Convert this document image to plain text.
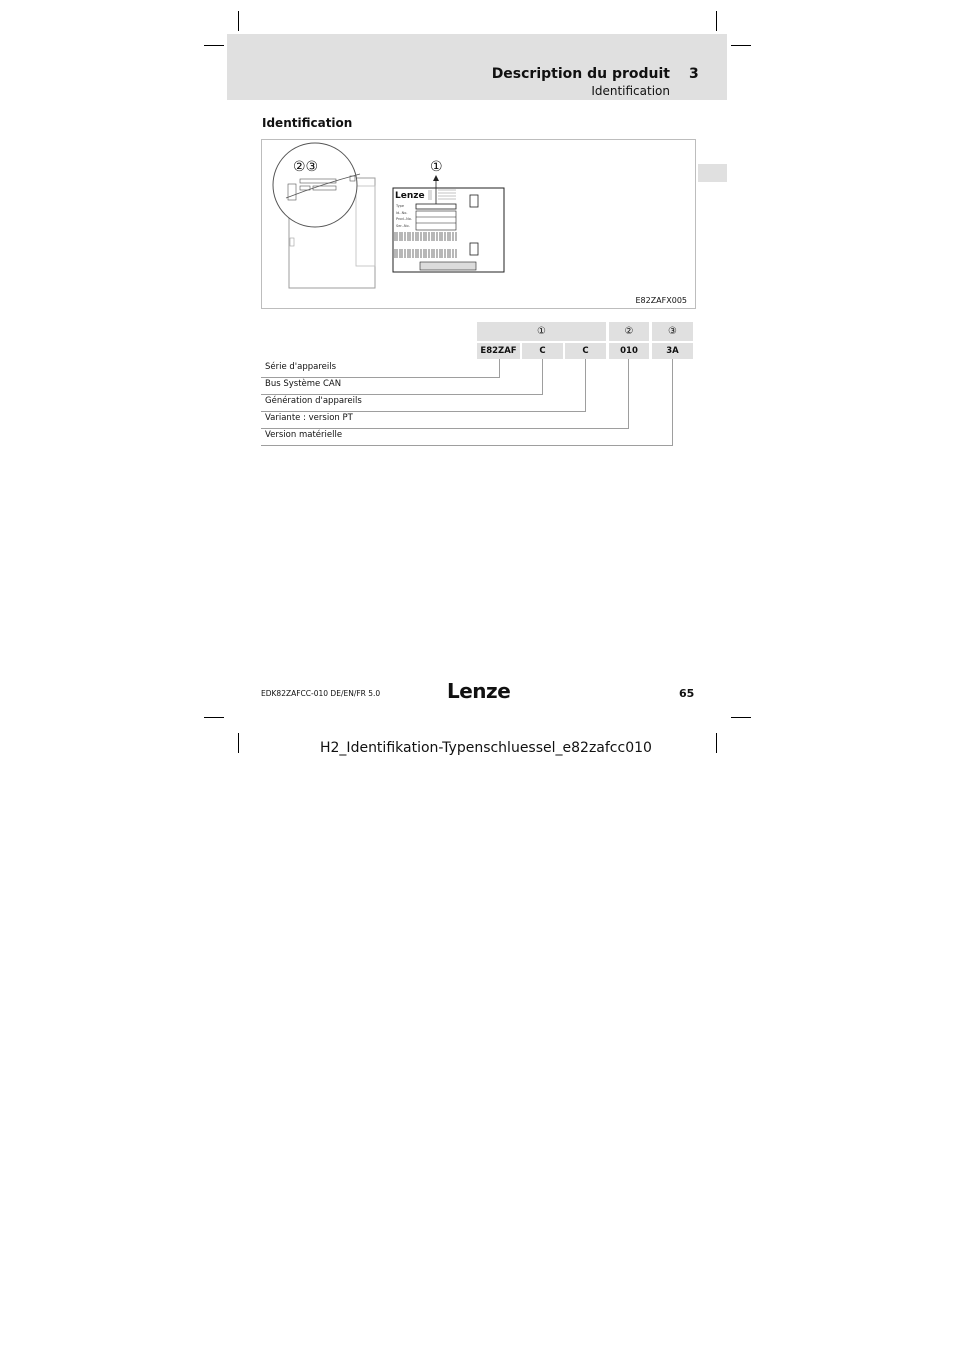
Description du produit 3
Identification
Identification
Lenze
Type
Id.-No.
Prod.-No.
Ser.-No.
①
②③
E82ZAFX005
①	②	③
E82ZAF	C	C	010	3A
Série d'appareils
Bus Système CAN
Génération d'appareils
Variante : version PT
Version matérielle
EDK82ZAFCC-010 DE/EN/FR 5.0	Lenze	65
H2_Identifikation-Typenschluessel_e82zafcc010
